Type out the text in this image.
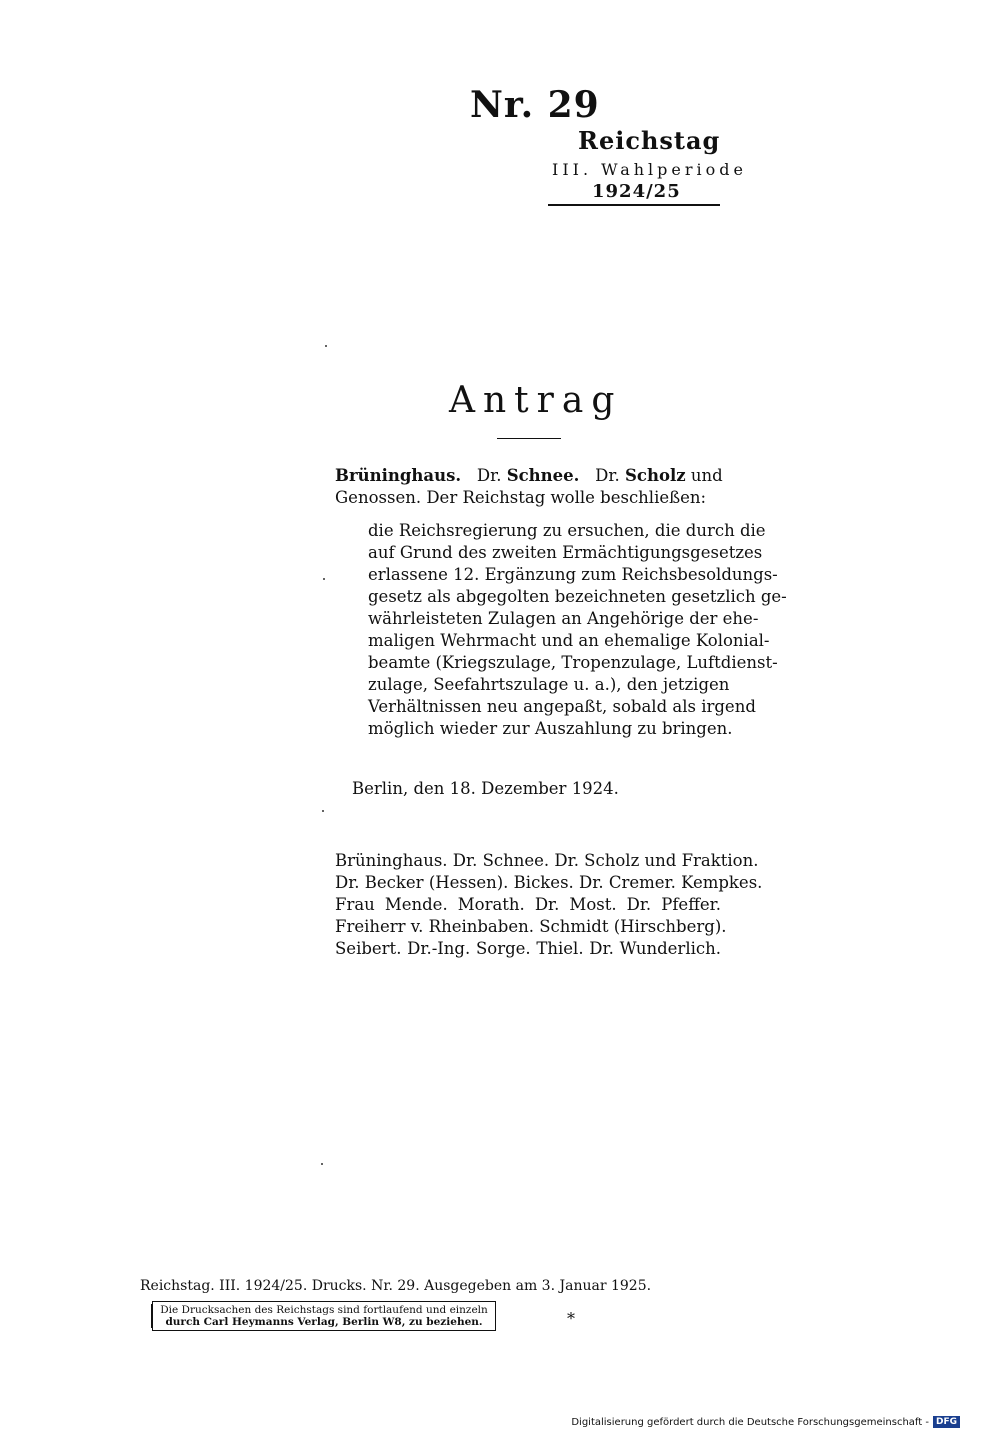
Nr. 29
Reichstag
III. Wahlperiode
1924/25
Antrag
Brüninghaus. Dr. Schnee. Dr. Scholz und
Genossen. Der Reichstag wolle beschließen:
die Reichsregierung zu ersuchen, die durch die
auf Grund des zweiten Ermächtigungsgesetzes
erlassene 12. Ergänzung zum Reichsbesoldungs-
gesetz als abgegolten bezeichneten gesetzlich ge-
währleisteten Zulagen an Angehörige der ehe-
maligen Wehrmacht und an ehemalige Kolonial-
beamte (Kriegszulage, Tropenzulage, Luftdienst-
zulage, Seefahrtszulage u. a.), den jetzigen
Verhältnissen neu angepaßt, sobald als irgend
möglich wieder zur Auszahlung zu bringen.
Berlin, den 18. Dezember 1924.
Brüninghaus. Dr. Schnee. Dr. Scholz und Fraktion.
Dr. Becker (Hessen). Bickes. Dr. Cremer. Kempkes.
Frau Mende. Morath. Dr. Most. Dr. Pfeffer.
Freiherr v. Rheinbaben. Schmidt (Hirschberg).
Seibert. Dr.-Ing. Sorge. Thiel. Dr. Wunderlich.
Reichstag. III. 1924/25. Drucks. Nr. 29. Ausgegeben am 3. Januar 1925.
Die Drucksachen des Reichstags sind fortlaufend und einzeln
durch Carl Heymanns Verlag, Berlin W8, zu beziehen.	*
Digitalisierung gefördert durch die Deutsche Forschungsgemeinschaft - DFG
